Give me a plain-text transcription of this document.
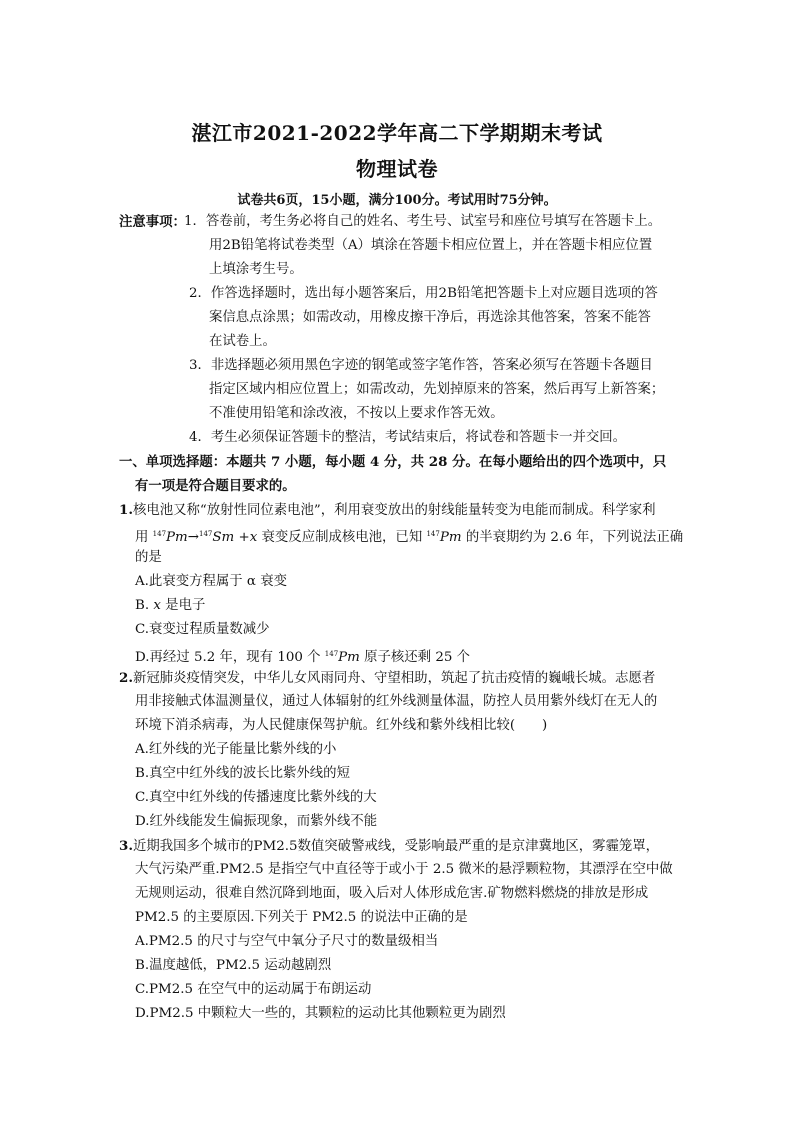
湛江市2021-2022学年高二下学期期末考试
物理试卷
试卷共6页，15小题，满分100分。考试用时75分钟。
注意事项：
1．答卷前，考生务必将自己的姓名、考生号、试室号和座位号填写在答题卡上。
用2B铅笔将试卷类型（A）填涂在答题卡相应位置上，并在答题卡相应位置
上填涂考生号。
2．作答选择题时，选出每小题答案后，用2B铅笔把答题卡上对应题目选项的答
案信息点涂黑；如需改动，用橡皮擦干净后，再选涂其他答案，答案不能答
在试卷上。
3．非选择题必须用黑色字迹的钢笔或签字笔作答，答案必须写在答题卡各题目
指定区域内相应位置上；如需改动，先划掉原来的答案，然后再写上新答案；
不准使用铅笔和涂改液，不按以上要求作答无效。
4．考生必须保证答题卡的整洁，考试结束后，将试卷和答题卡一并交回。
一、单项选择题：本题共 7 小题，每小题 4 分，共 28 分。在每小题给出的四个选项中，只
有一项是符合题目要求的。
1.核电池又称“放射性同位素电池”，利用衰变放出的射线能量转变为电能而制成。科学家利
用 $^{147}$Pm→$^{147}$Sm +x 衰变反应制成核电池，已知 $^{147}$Pm 的半衰期约为 2.6 年，下列说法正确
的是
A.此衰变方程属于 α 衰变
B. x 是电子
C.衰变过程质量数减少
D.再经过 5.2 年，现有 100 个 $^{147}$Pm 原子核还剩 25 个
2.新冠肺炎疫情突发，中华儿女风雨同舟、守望相助，筑起了抗击疫情的巍峨长城。志愿者
用非接触式体温测量仪，通过人体辐射的红外线测量体温，防控人员用紫外线灯在无人的
环境下消杀病毒，为人民健康保驾护航。红外线和紫外线相比较(　　)
A.红外线的光子能量比紫外线的小
B.真空中红外线的波长比紫外线的短
C.真空中红外线的传播速度比紫外线的大
D.红外线能发生偏振现象，而紫外线不能
3.近期我国多个城市的PM2.5数值突破警戒线，受影响最严重的是京津冀地区，雾霾笼罩，
大气污染严重.PM2.5 是指空气中直径等于或小于 2.5 微米的悬浮颗粒物，其漂浮在空中做
无规则运动，很难自然沉降到地面，吸入后对人体形成危害.矿物燃料燃烧的排放是形成
PM2.5 的主要原因.下列关于 PM2.5 的说法中正确的是
A.PM2.5 的尺寸与空气中氧分子尺寸的数量级相当
B.温度越低，PM2.5 运动越剧烈
C.PM2.5 在空气中的运动属于布朗运动
D.PM2.5 中颗粒大一些的，其颗粒的运动比其他颗粒更为剧烈
